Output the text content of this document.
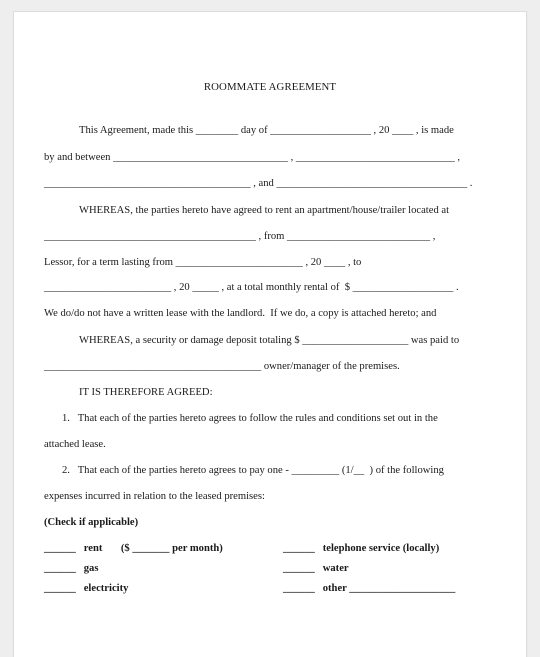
ROOMMATE AGREEMENT
This Agreement, made this ________ day of ___________________ , 20 ____ , is made
by and between _________________________________ , ______________________________ ,
_______________________________________ , and ____________________________________ .
WHEREAS, the parties hereto have agreed to rent an apartment/house/trailer located at
________________________________________ , from ___________________________ ,
Lessor, for a term lasting from ________________________ , 20 ____ , to
________________________ , 20 _____ , at a total monthly rental of  $ ___________________ .
We do/do not have a written lease with the landlord.  If we do, a copy is attached hereto; and
WHEREAS, a security or damage deposit totaling $ ____________________ was paid to
_________________________________________ owner/manager of the premises.
IT IS THEREFORE AGREED:
1.   That each of the parties hereto agrees to follow the rules and conditions set out in the
attached lease.
2.   That each of the parties hereto agrees to pay one - _________ (1/__  ) of the following
expenses incurred in relation to the leased premises:
(Check if applicable)
______   rent       ($ _______ per month)
______   gas
______   electricity
______   telephone service (locally)
______   water
______   other ____________________
